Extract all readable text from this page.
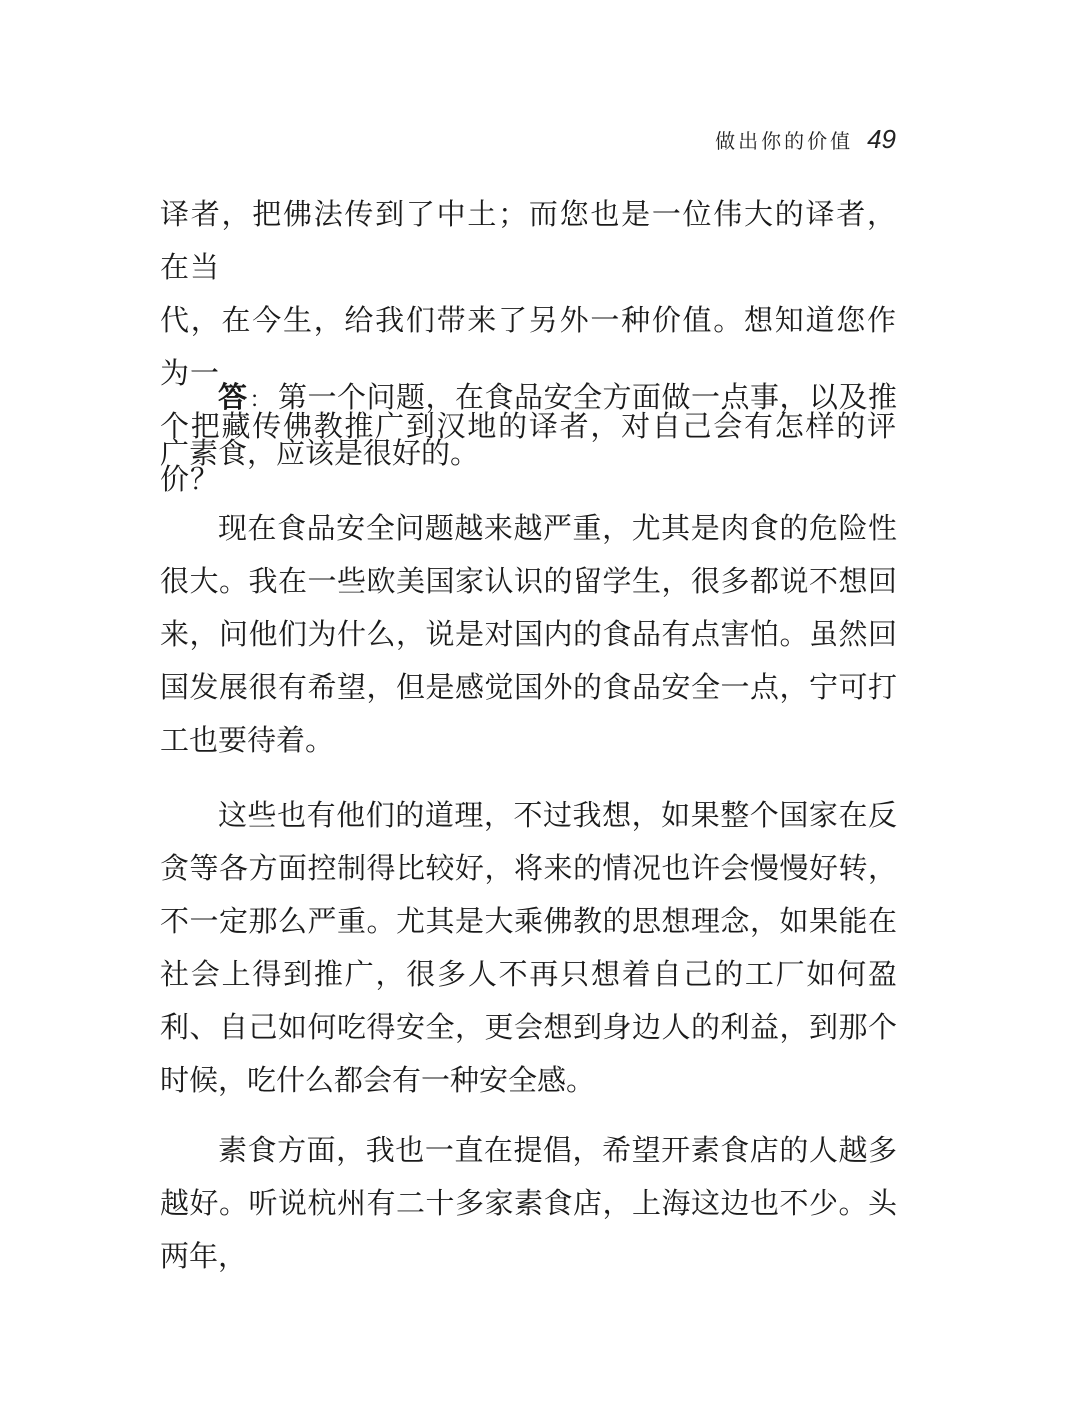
做出你的价值 49
译者，把佛法传到了中土；而您也是一位伟大的译者，在当
代，在今生，给我们带来了另外一种价值。想知道您作为一
个把藏传佛教推广到汉地的译者，对自己会有怎样的评价？

答： 第一个问题，在食品安全方面做一点事，以及推广素食，应该是很好的。

现在食品安全问题越来越严重，尤其是肉食的危险性很大。我在一些欧美国家认识的留学生，很多都说不想回来，问他们为什么，说是对国内的食品有点害怕。虽然回国发展很有希望，但是感觉国外的食品安全一点，宁可打工也要待着。

这些也有他们的道理，不过我想，如果整个国家在反贪等各方面控制得比较好，将来的情况也许会慢慢好转，不一定那么严重。尤其是大乘佛教的思想理念，如果能在社会上得到推广，很多人不再只想着自己的工厂如何盈利、自己如何吃得安全，更会想到身边人的利益，到那个时候，吃什么都会有一种安全感。

素食方面，我也一直在提倡，希望开素食店的人越多越好。听说杭州有二十多家素食店，上海这边也不少。头两年，
